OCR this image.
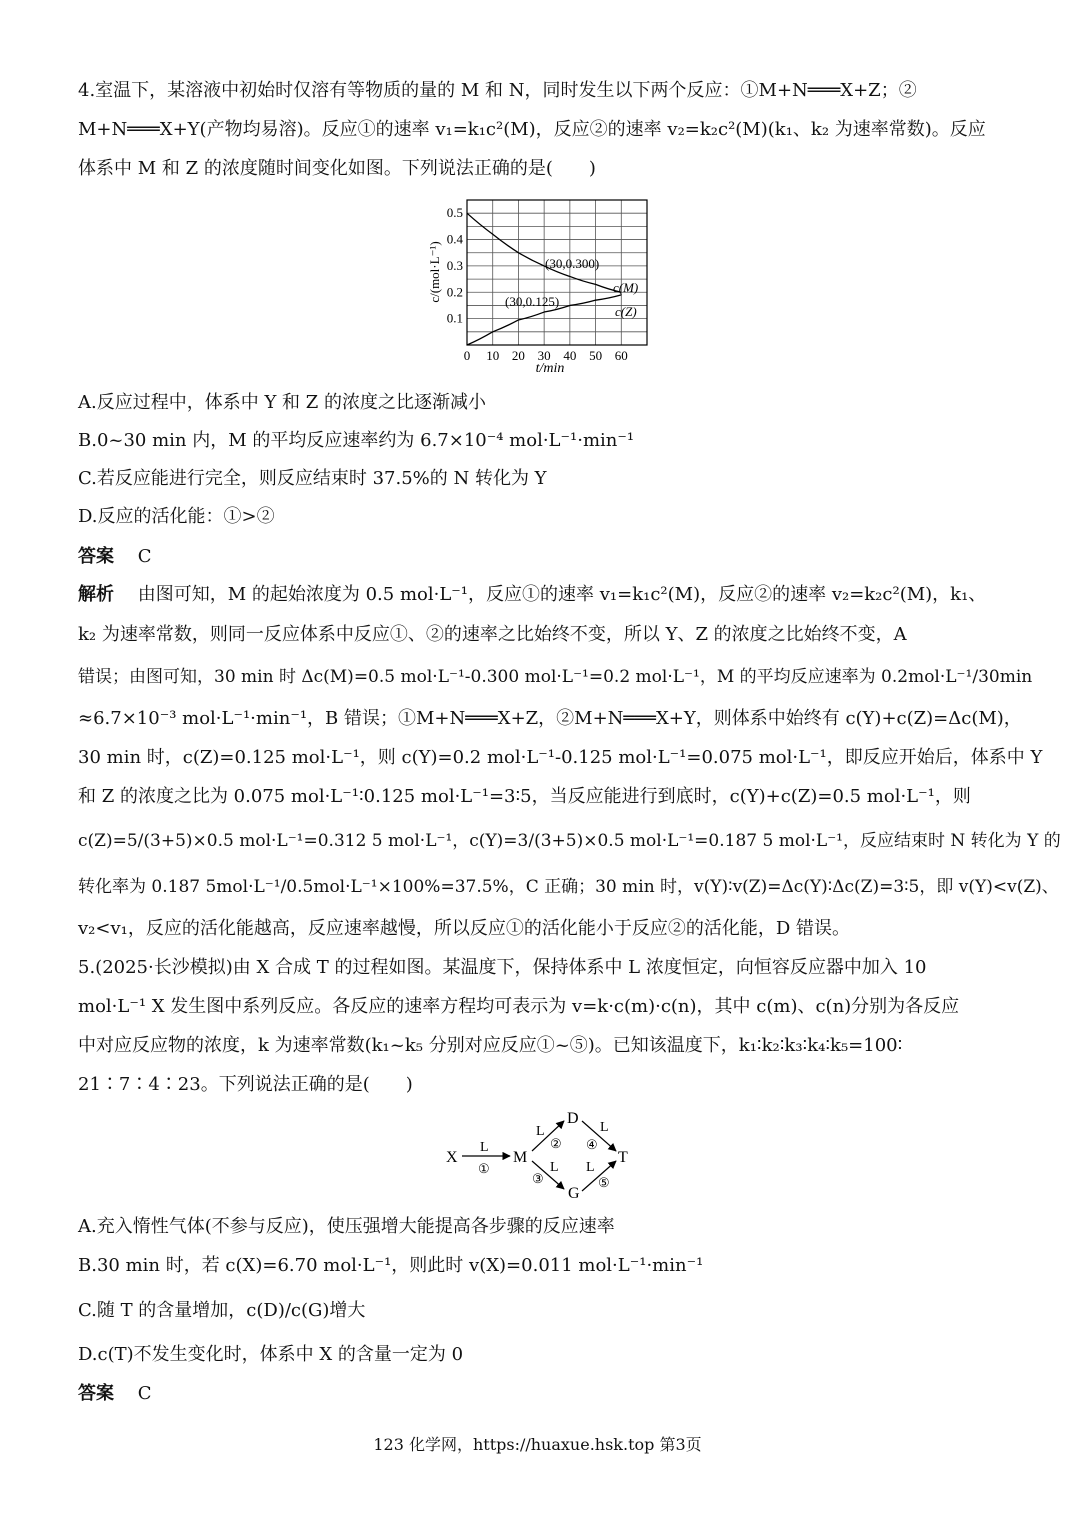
4.室温下，某溶液中初始时仅溶有等物质的量的 M 和 N，同时发生以下两个反应：①M+N═══X+Z；②
M+N═══X+Y(产物均易溶)。反应①的速率 v₁=k₁c²(M)，反应②的速率 v₂=k₂c²(M)(k₁、k₂ 为速率常数)。反应
体系中 M 和 Z 的浓度随时间变化如图。下列说法正确的是(　　)
0 10 20 30 40 50 60
0.1
0.2
0.3
0.4
0.5
t/min
c/(mol·L⁻¹)	(30,0.300)
(30,0.125)
c(M)
c(Z)
A.反应过程中，体系中 Y 和 Z 的浓度之比逐渐减小
B.0~30 min 内，M 的平均反应速率约为 6.7×10⁻⁴ mol·L⁻¹·min⁻¹
C.若反应能进行完全，则反应结束时 37.5%的 N 转化为 Y
D.反应的活化能：①>②
答案 C
解析 由图可知，M 的起始浓度为 0.5 mol·L⁻¹，反应①的速率 v₁=k₁c²(M)，反应②的速率 v₂=k₂c²(M)，k₁、
k₂ 为速率常数，则同一反应体系中反应①、②的速率之比始终不变，所以 Y、Z 的浓度之比始终不变，A
错误；由图可知，30 min 时 Δc(M)=0.5 mol·L⁻¹-0.300 mol·L⁻¹=0.2 mol·L⁻¹，M 的平均反应速率为 0.2mol·L⁻¹/30min
≈6.7×10⁻³ mol·L⁻¹·min⁻¹，B 错误；①M+N═══X+Z，②M+N═══X+Y，则体系中始终有 c(Y)+c(Z)=Δc(M)，
30 min 时，c(Z)=0.125 mol·L⁻¹，则 c(Y)=0.2 mol·L⁻¹-0.125 mol·L⁻¹=0.075 mol·L⁻¹，即反应开始后，体系中 Y
和 Z 的浓度之比为 0.075 mol·L⁻¹∶0.125 mol·L⁻¹=3∶5，当反应能进行到底时，c(Y)+c(Z)=0.5 mol·L⁻¹，则
c(Z)=5/(3+5)×0.5 mol·L⁻¹=0.312 5 mol·L⁻¹，c(Y)=3/(3+5)×0.5 mol·L⁻¹=0.187 5 mol·L⁻¹，反应结束时 N 转化为 Y 的
转化率为 0.187 5mol·L⁻¹/0.5mol·L⁻¹×100%=37.5%，C 正确；30 min 时，v(Y)∶v(Z)=Δc(Y)∶Δc(Z)=3∶5，即 v(Y)<v(Z)、
v₂<v₁，反应的活化能越高，反应速率越慢，所以反应①的活化能小于反应②的活化能，D 错误。
5.(2025·长沙模拟)由 X 合成 T 的过程如图。某温度下，保持体系中 L 浓度恒定，向恒容反应器中加入 10
mol·L⁻¹ X 发生图中系列反应。各反应的速率方程均可表示为 v=k·c(m)·c(n)，其中 c(m)、c(n)分别为各反应
中对应反应物的浓度，k 为速率常数(k₁~k₅ 分别对应反应①~⑤)。已知该温度下，k₁∶k₂∶k₃∶k₄∶k₅=100∶
21∶7∶4∶23。下列说法正确的是(　　)
X
L
①
M
L
②
D
L
③
G
L
④
L
⑤
T
A.充入惰性气体(不参与反应)，使压强增大能提高各步骤的反应速率
B.30 min 时，若 c(X)=6.70 mol·L⁻¹，则此时 v(X)=0.011 mol·L⁻¹·min⁻¹
C.随 T 的含量增加，c(D)/c(G)增大
D.c(T)不发生变化时，体系中 X 的含量一定为 0
答案 C
123 化学网，https://huaxue.hsk.top 第3页
